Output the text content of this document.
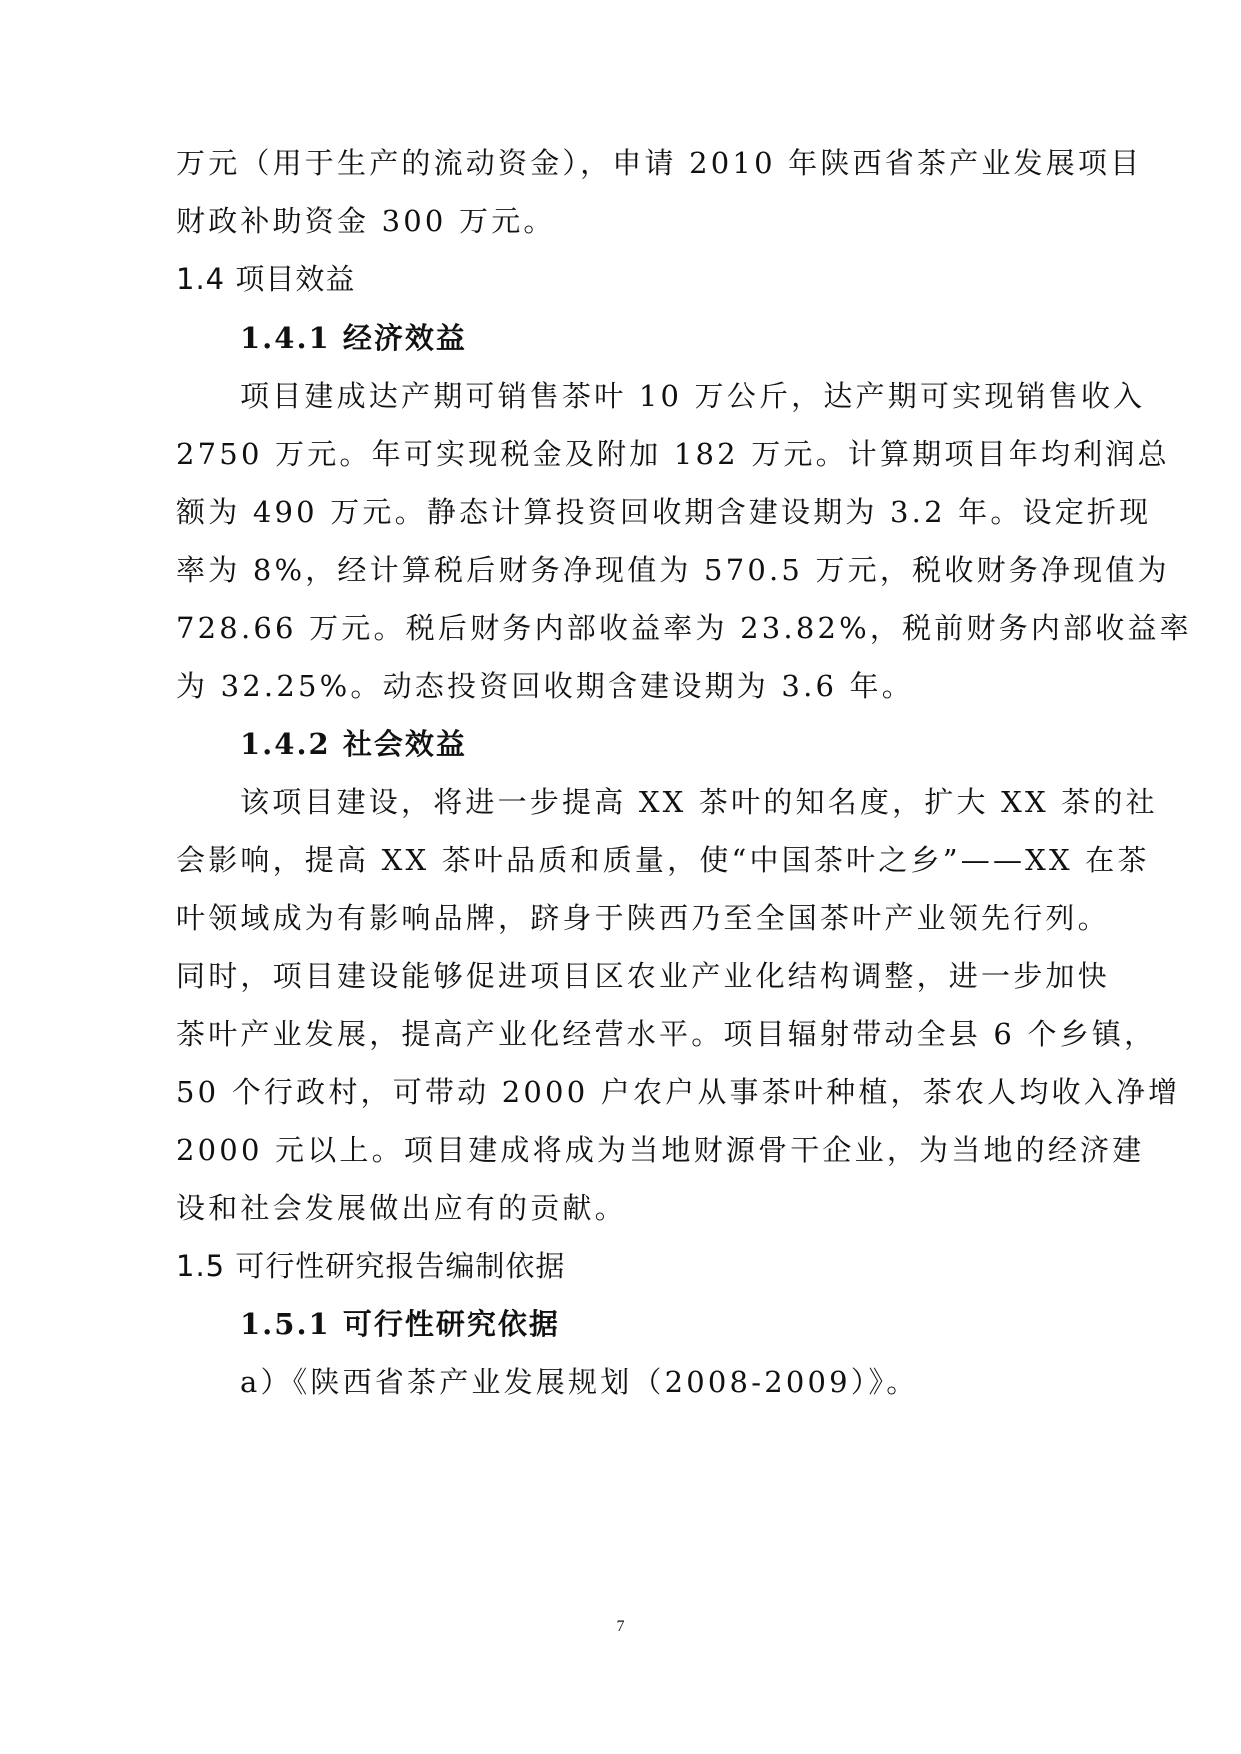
万元（用于生产的流动资金），申请 2010 年陕西省茶产业发展项目
财政补助资金 300 万元。
1.4 项目效益
1.4.1 经济效益
项目建成达产期可销售茶叶 10 万公斤，达产期可实现销售收入
2750 万元。年可实现税金及附加 182 万元。计算期项目年均利润总
额为 490 万元。静态计算投资回收期含建设期为 3.2 年。设定折现
率为 8%，经计算税后财务净现值为 570.5 万元，税收财务净现值为
728.66 万元。税后财务内部收益率为 23.82%，税前财务内部收益率
为 32.25%。动态投资回收期含建设期为 3.6 年。
1.4.2 社会效益
该项目建设，将进一步提高 XX 茶叶的知名度，扩大 XX 茶的社
会影响，提高 XX 茶叶品质和质量，使“中国茶叶之乡”——XX 在茶
叶领域成为有影响品牌，跻身于陕西乃至全国茶叶产业领先行列。
同时，项目建设能够促进项目区农业产业化结构调整，进一步加快
茶叶产业发展，提高产业化经营水平。项目辐射带动全县 6 个乡镇，
50 个行政村，可带动 2000 户农户从事茶叶种植，茶农人均收入净增
2000 元以上。项目建成将成为当地财源骨干企业，为当地的经济建
设和社会发展做出应有的贡献。
1.5 可行性研究报告编制依据
1.5.1 可行性研究依据
a）《陕西省茶产业发展规划（2008-2009）》。
7
